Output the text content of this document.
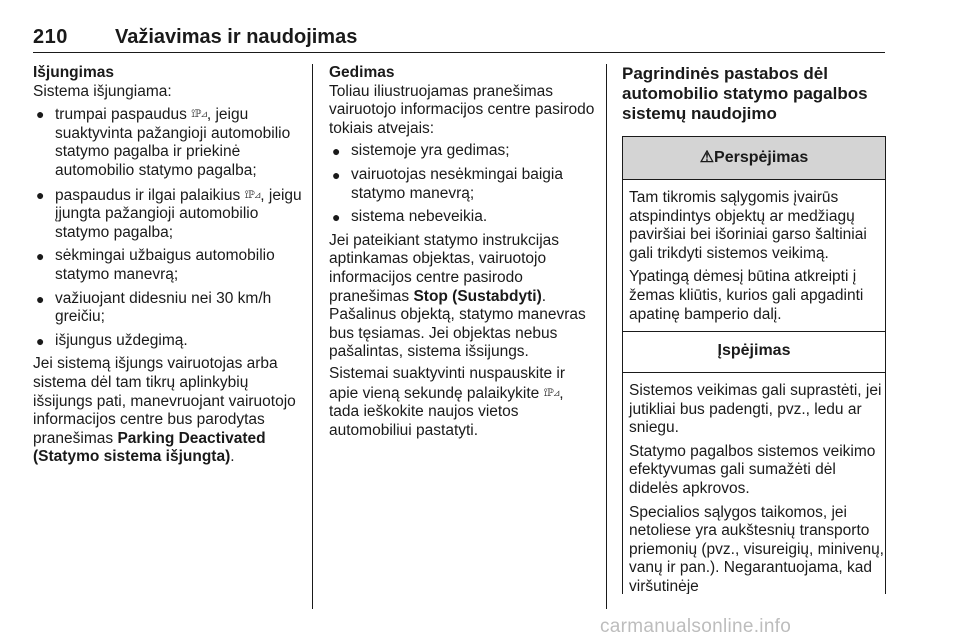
210 Važiavimas ir naudojimas

Išjungimas

Sistema išjungiama:

● trumpai paspaudus ⟟ℙ⊿, jeigu suaktyvinta pažangioji automobilio statymo pagalba ir priekinė automobilio statymo pagalba;
● paspaudus ir ilgai palaikius ⟟ℙ⊿, jeigu įjungta pažangioji automobilio statymo pagalba;
● sėkmingai užbaigus automobilio statymo manevrą;
● važiuojant didesniu nei 30 km/h greičiu;
● išjungus uždegimą.

Jei sistemą išjungs vairuotojas arba sistema dėl tam tikrų aplinkybių išsijungs pati, manevruojant vairuotojo informacijos centre bus parodytas pranešimas Parking Deactivated (Statymo sistema išjungta).

Gedimas

Toliau iliustruojamas pranešimas vairuotojo informacijos centre pasirodo tokiais atvejais:

● sistemoje yra gedimas;
● vairuotojas nesėkmingai baigia statymo manevrą;
● sistema nebeveikia.

Jei pateikiant statymo instrukcijas aptinkamas objektas, vairuotojo informacijos centre pasirodo pranešimas Stop (Sustabdyti). Pašalinus objektą, statymo manevras bus tęsiamas. Jei objektas nebus pašalintas, sistema išsijungs.

Sistemai suaktyvinti nuspauskite ir apie vieną sekundę palaikykite ⟟ℙ⊿, tada ieškokite naujos vietos automobiliui pastatyti.

Pagrindinės pastabos dėl automobilio statymo pagalbos sistemų naudojimo

⚠Perspėjimas

Tam tikromis sąlygomis įvairūs atspindintys objektų ar medžiagų paviršiai bei išoriniai garso šaltiniai gali trikdyti sistemos veikimą.

Ypatingą dėmesį būtina atkreipti į žemas kliūtis, kurios gali apgadinti apatinę bamperio dalį.

Įspėjimas

Sistemos veikimas gali suprastėti, jei jutikliai bus padengti, pvz., ledu ar sniegu.

Statymo pagalbos sistemos veikimo efektyvumas gali sumažėti dėl didelės apkrovos.

Specialios sąlygos taikomos, jei netoliese yra aukštesnių transporto priemonių (pvz., visureigių, minivenų, vanų ir pan.). Negarantuojama, kad viršutinėje

carmanualsonline.info
